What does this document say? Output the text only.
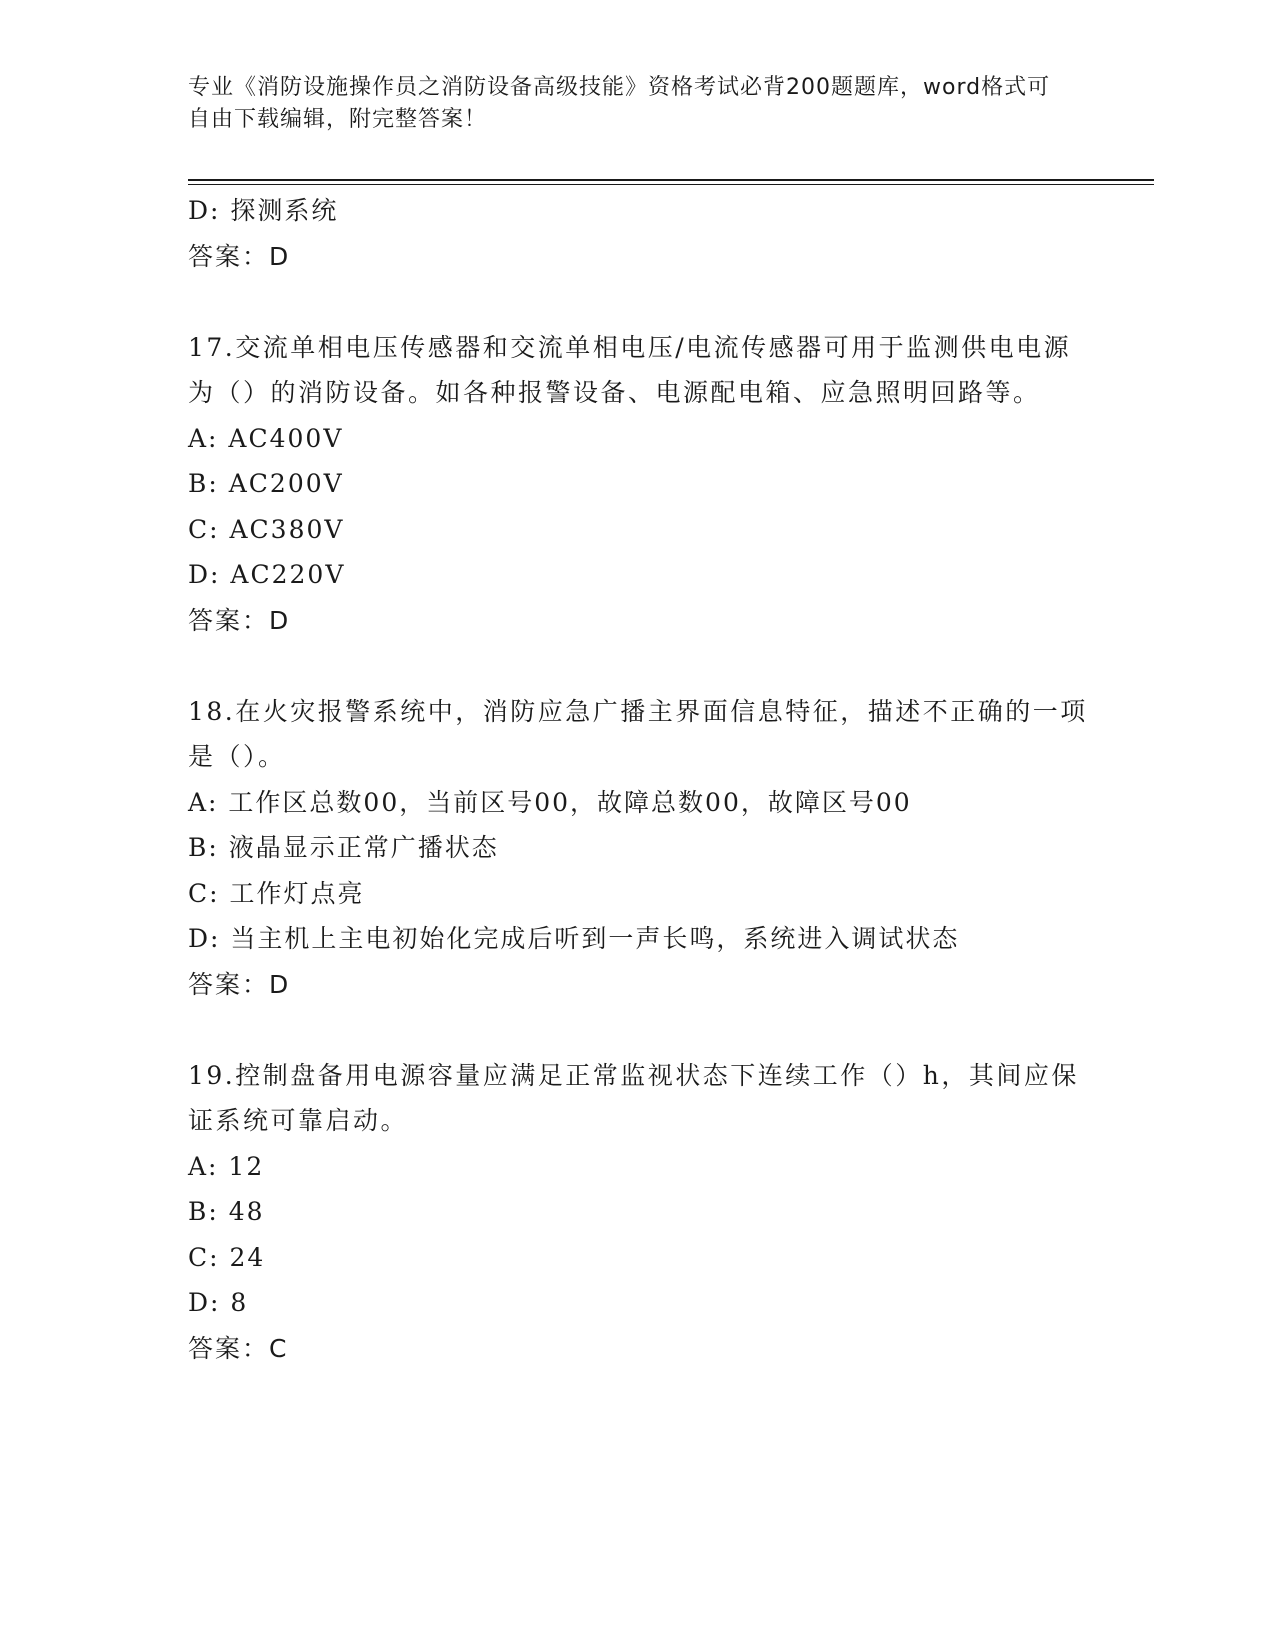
专业《消防设施操作员之消防设备高级技能》资格考试必背200题题库，word格式可自由下载编辑，附完整答案！
D: 探测系统
答案：D
17.交流单相电压传感器和交流单相电压/电流传感器可用于监测供电电源为（）的消防设备。如各种报警设备、电源配电箱、应急照明回路等。
A: AC400V
B: AC200V
C: AC380V
D: AC220V
答案：D
18.在火灾报警系统中，消防应急广播主界面信息特征，描述不正确的一项是（）。
A: 工作区总数00，当前区号00，故障总数00，故障区号00
B: 液晶显示正常广播状态
C: 工作灯点亮
D: 当主机上主电初始化完成后听到一声长鸣，系统进入调试状态
答案：D
19.控制盘备用电源容量应满足正常监视状态下连续工作（）h，其间应保证系统可靠启动。
A: 12
B: 48
C: 24
D: 8
答案：C
